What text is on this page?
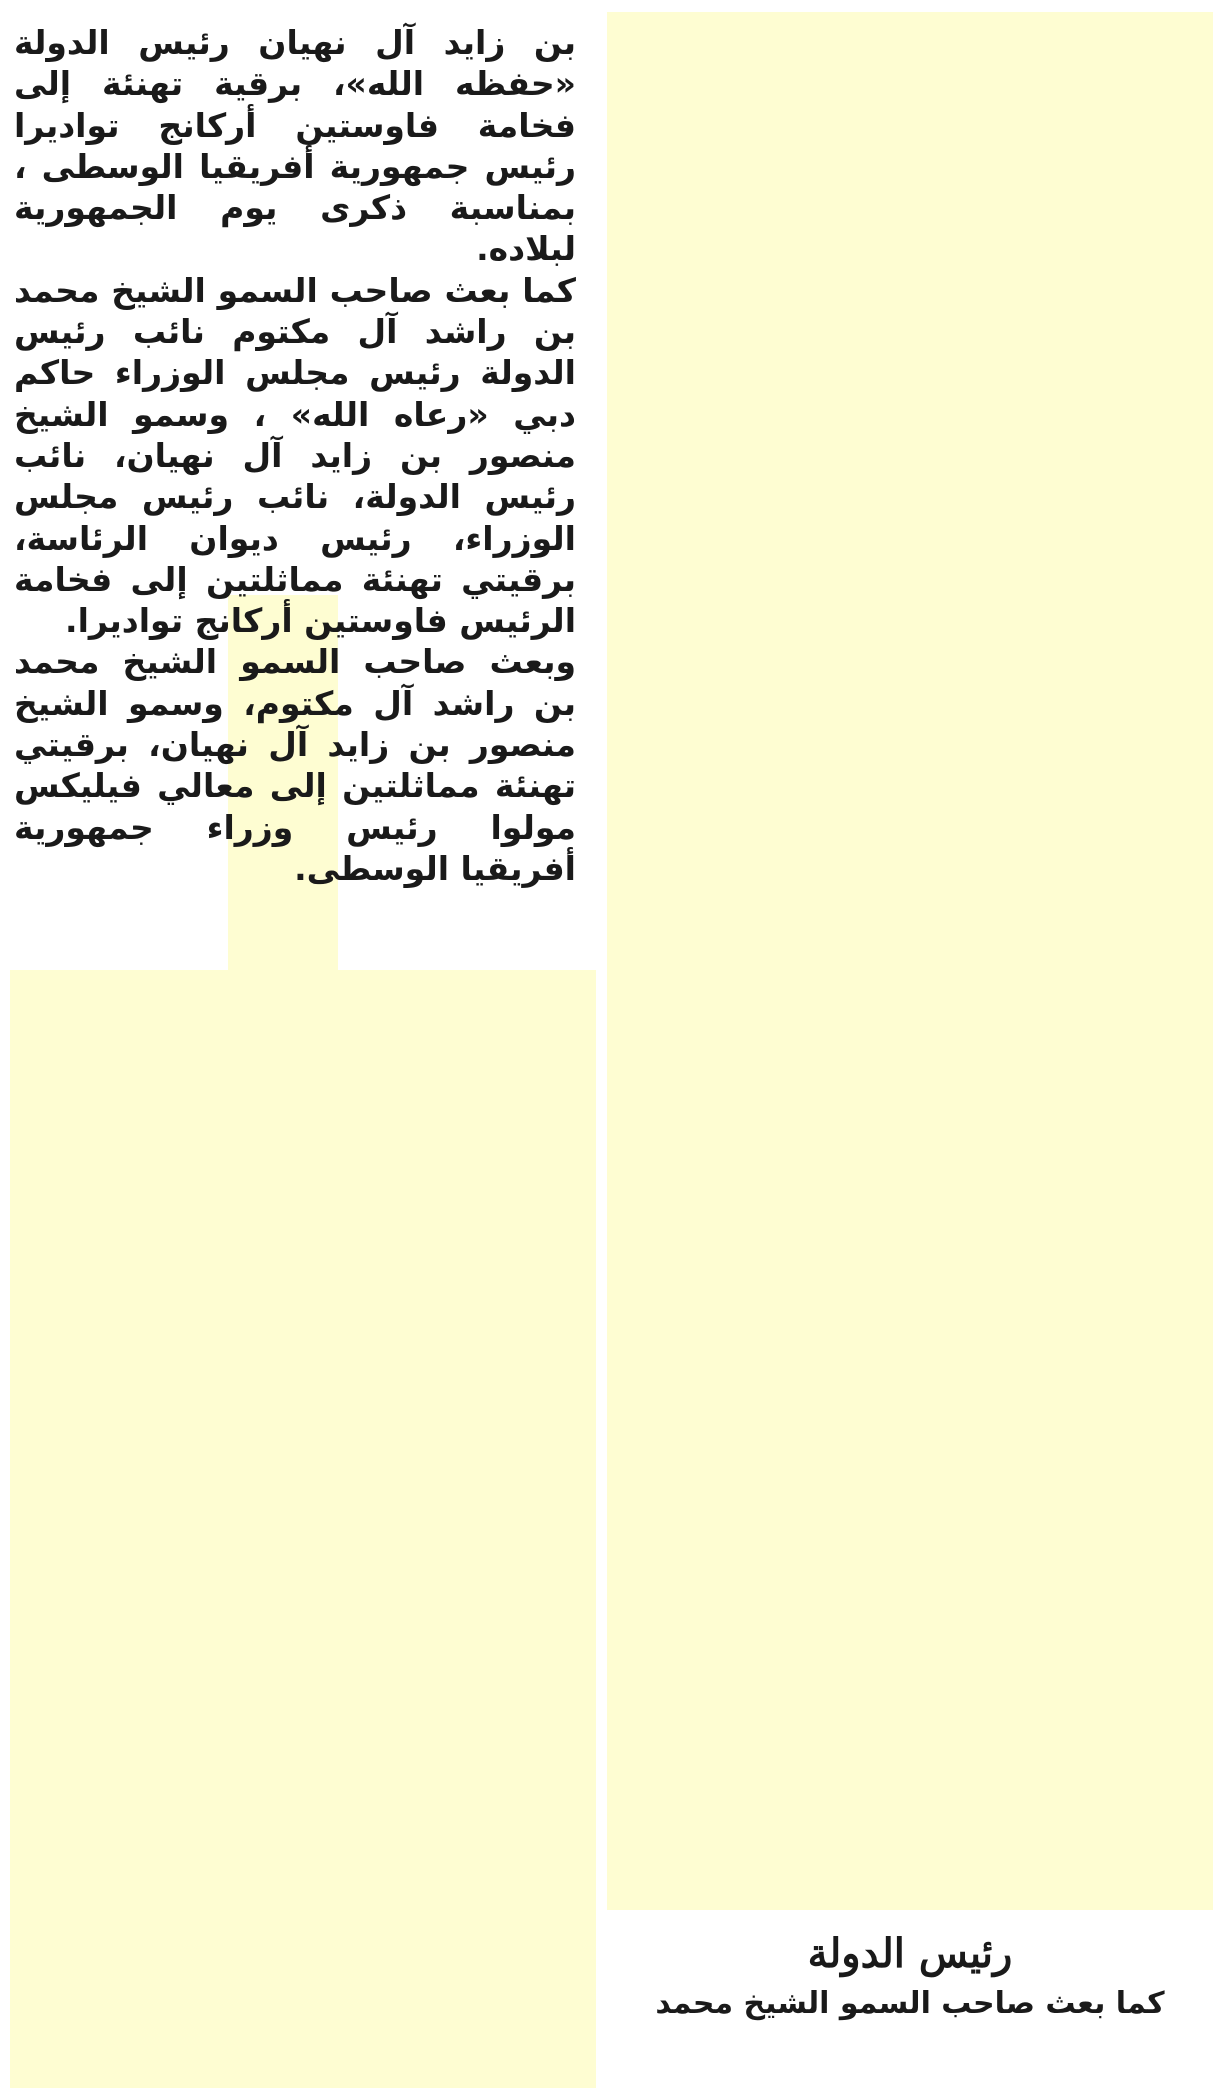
بن زايد آل نهيان رئيس الدولة «حفظه الله»، برقية تهنئة إلى فخامة فاوستين أركانج تواديرا رئيس جمهورية أفريقيا الوسطى ، بمناسبة ذكرى يوم الجمهورية لبلاده.

كما بعث صاحب السمو الشيخ محمد بن راشد آل مكتوم نائب رئيس الدولة رئيس مجلس الوزراء حاكم دبي «رعاه الله» ، وسمو الشيخ منصور بن زايد آل نهيان، نائب رئيس الدولة، نائب رئيس مجلس الوزراء، رئيس ديوان الرئاسة، برقيتي تهنئة مماثلتين إلى فخامة الرئيس فاوستين أركانج تواديرا.

وبعث صاحب السمو الشيخ محمد بن راشد آل مكتوم، وسمو الشيخ منصور بن زايد آل نهيان، برقيتي تهنئة مماثلتين إلى معالي فيليكس مولوا رئيس وزراء جمهورية أفريقيا الوسطى.

رئيس الدولة

كما بعث صاحب السمو الشيخ محمد
